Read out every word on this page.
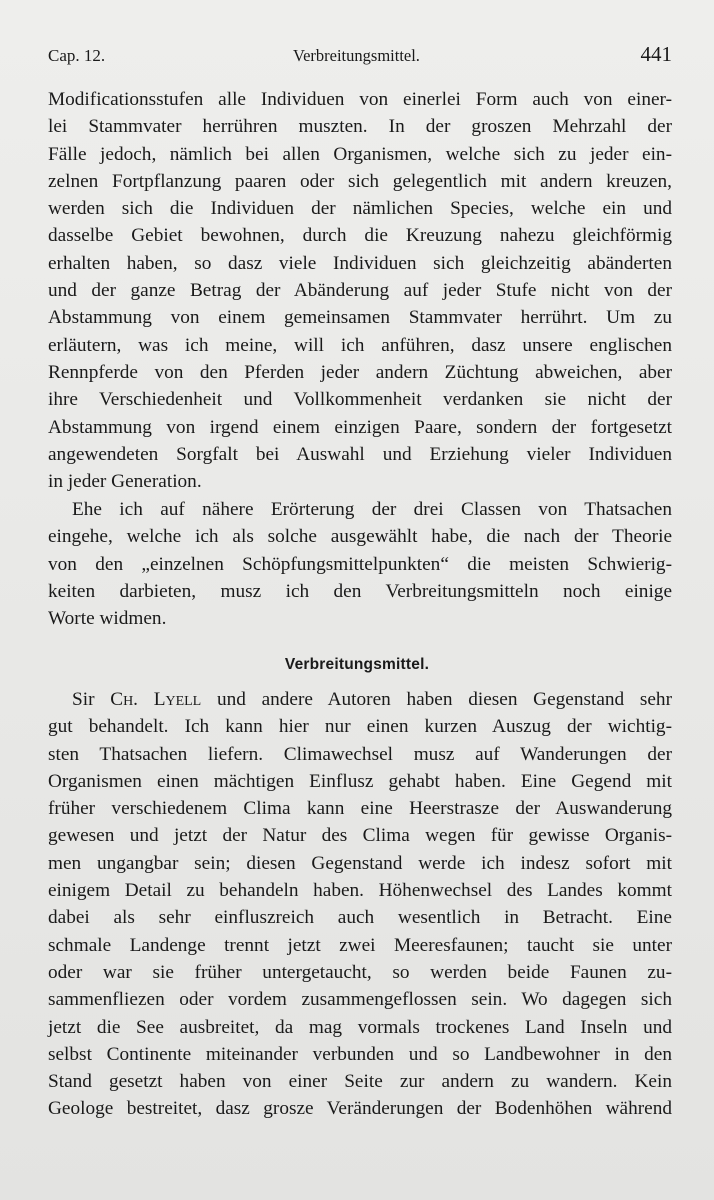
Cap. 12.	Verbreitungsmittel.	441
Modificationsstufen alle Individuen von einerlei Form auch von einer-
lei Stammvater herrühren muszten. In der groszen Mehrzahl der
Fälle jedoch, nämlich bei allen Organismen, welche sich zu jeder ein-
zelnen Fortpflanzung paaren oder sich gelegentlich mit andern kreuzen,
werden sich die Individuen der nämlichen Species, welche ein und
dasselbe Gebiet bewohnen, durch die Kreuzung nahezu gleichförmig
erhalten haben, so dasz viele Individuen sich gleichzeitig abänderten
und der ganze Betrag der Abänderung auf jeder Stufe nicht von der
Abstammung von einem gemeinsamen Stammvater herrührt. Um zu
erläutern, was ich meine, will ich anführen, dasz unsere englischen
Rennpferde von den Pferden jeder andern Züchtung abweichen, aber
ihre Verschiedenheit und Vollkommenheit verdanken sie nicht der
Abstammung von irgend einem einzigen Paare, sondern der fortgesetzt
angewendeten Sorgfalt bei Auswahl und Erziehung vieler Individuen
in jeder Generation.
Ehe ich auf nähere Erörterung der drei Classen von Thatsachen
eingehe, welche ich als solche ausgewählt habe, die nach der Theorie
von den „einzelnen Schöpfungsmittelpunkten“ die meisten Schwierig-
keiten darbieten, musz ich den Verbreitungsmitteln noch einige
Worte widmen.
Verbreitungsmittel.
Sir Ch. Lyell und andere Autoren haben diesen Gegenstand sehr
gut behandelt. Ich kann hier nur einen kurzen Auszug der wichtig-
sten Thatsachen liefern. Climawechsel musz auf Wanderungen der
Organismen einen mächtigen Einflusz gehabt haben. Eine Gegend mit
früher verschiedenem Clima kann eine Heerstrasze der Auswanderung
gewesen und jetzt der Natur des Clima wegen für gewisse Organis-
men ungangbar sein; diesen Gegenstand werde ich indesz sofort mit
einigem Detail zu behandeln haben. Höhenwechsel des Landes kommt
dabei als sehr einfluszreich auch wesentlich in Betracht. Eine
schmale Landenge trennt jetzt zwei Meeresfaunen; taucht sie unter
oder war sie früher untergetaucht, so werden beide Faunen zu-
sammenfliezen oder vordem zusammengeflossen sein. Wo dagegen sich
jetzt die See ausbreitet, da mag vormals trockenes Land Inseln und
selbst Continente miteinander verbunden und so Landbewohner in den
Stand gesetzt haben von einer Seite zur andern zu wandern. Kein
Geologe bestreitet, dasz grosze Veränderungen der Bodenhöhen während
